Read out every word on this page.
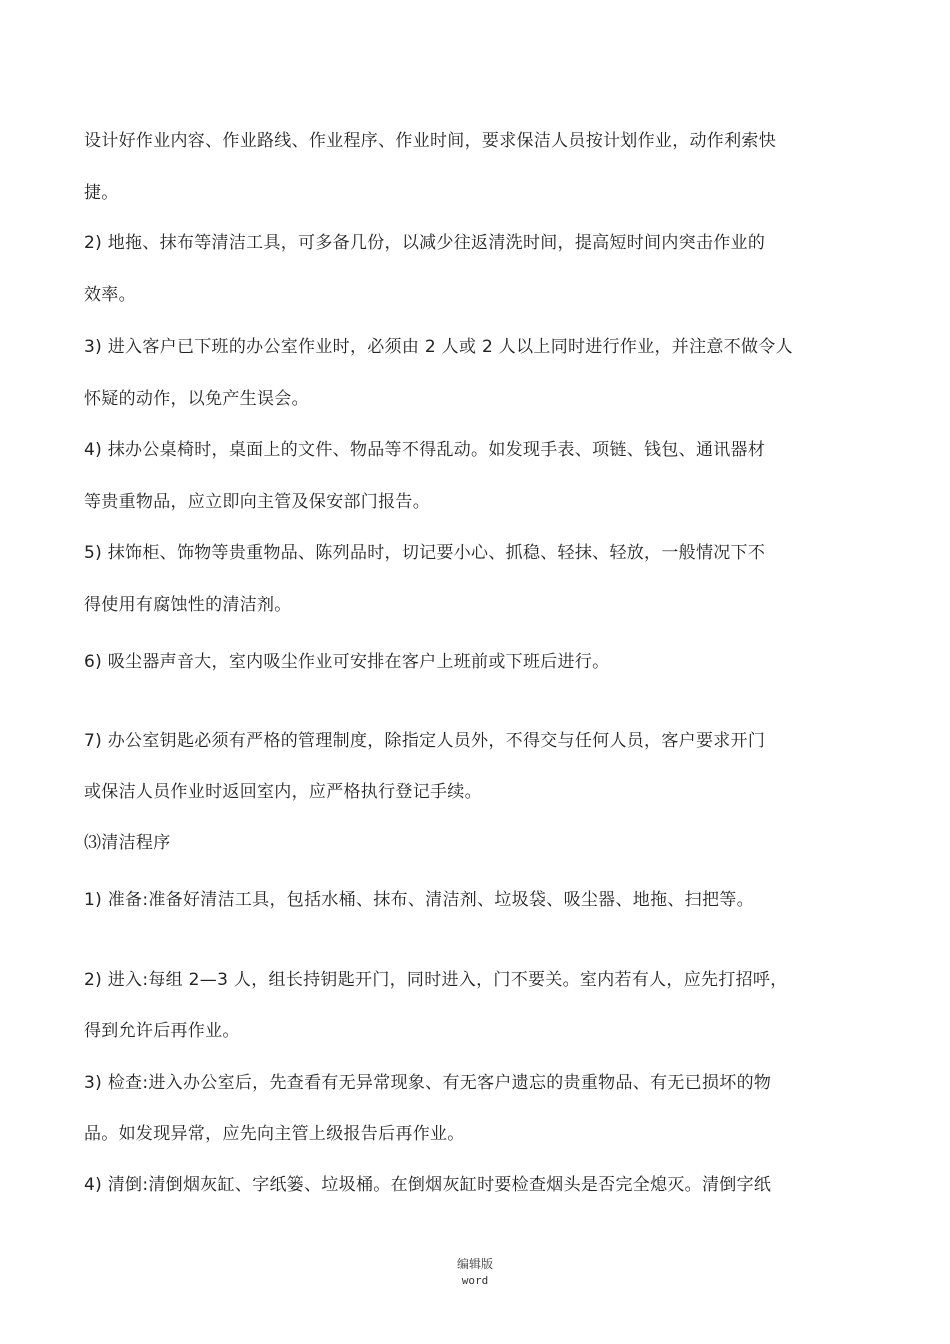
设计好作业内容、作业路线、作业程序、作业时间，要求保洁人员按计划作业，动作利索快
捷。
2) 地拖、抹布等清洁工具，可多备几份，以减少往返清洗时间，提高短时间内突击作业的
效率。
3) 进入客户已下班的办公室作业时，必须由 2 人或 2 人以上同时进行作业，并注意不做令人
怀疑的动作，以免产生误会。
4) 抹办公桌椅时，桌面上的文件、物品等不得乱动。如发现手表、项链、钱包、通讯器材
等贵重物品，应立即向主管及保安部门报告。
5) 抹饰柜、饰物等贵重物品、陈列品时，切记要小心、抓稳、轻抹、轻放，一般情况下不
得使用有腐蚀性的清洁剂。
6) 吸尘器声音大，室内吸尘作业可安排在客户上班前或下班后进行。
7) 办公室钥匙必须有严格的管理制度，除指定人员外，不得交与任何人员，客户要求开门
或保洁人员作业时返回室内，应严格执行登记手续。
⑶清洁程序
1) 准备:准备好清洁工具，包括水桶、抹布、清洁剂、垃圾袋、吸尘器、地拖、扫把等。
2) 进入:每组 2—3 人，组长持钥匙开门，同时进入，门不要关。室内若有人，应先打招呼，
得到允许后再作业。
3) 检查:进入办公室后，先查看有无异常现象、有无客户遗忘的贵重物品、有无已损坏的物
品。如发现异常，应先向主管上级报告后再作业。
4) 清倒:清倒烟灰缸、字纸篓、垃圾桶。在倒烟灰缸时要检查烟头是否完全熄灭。清倒字纸
编辑版
word
